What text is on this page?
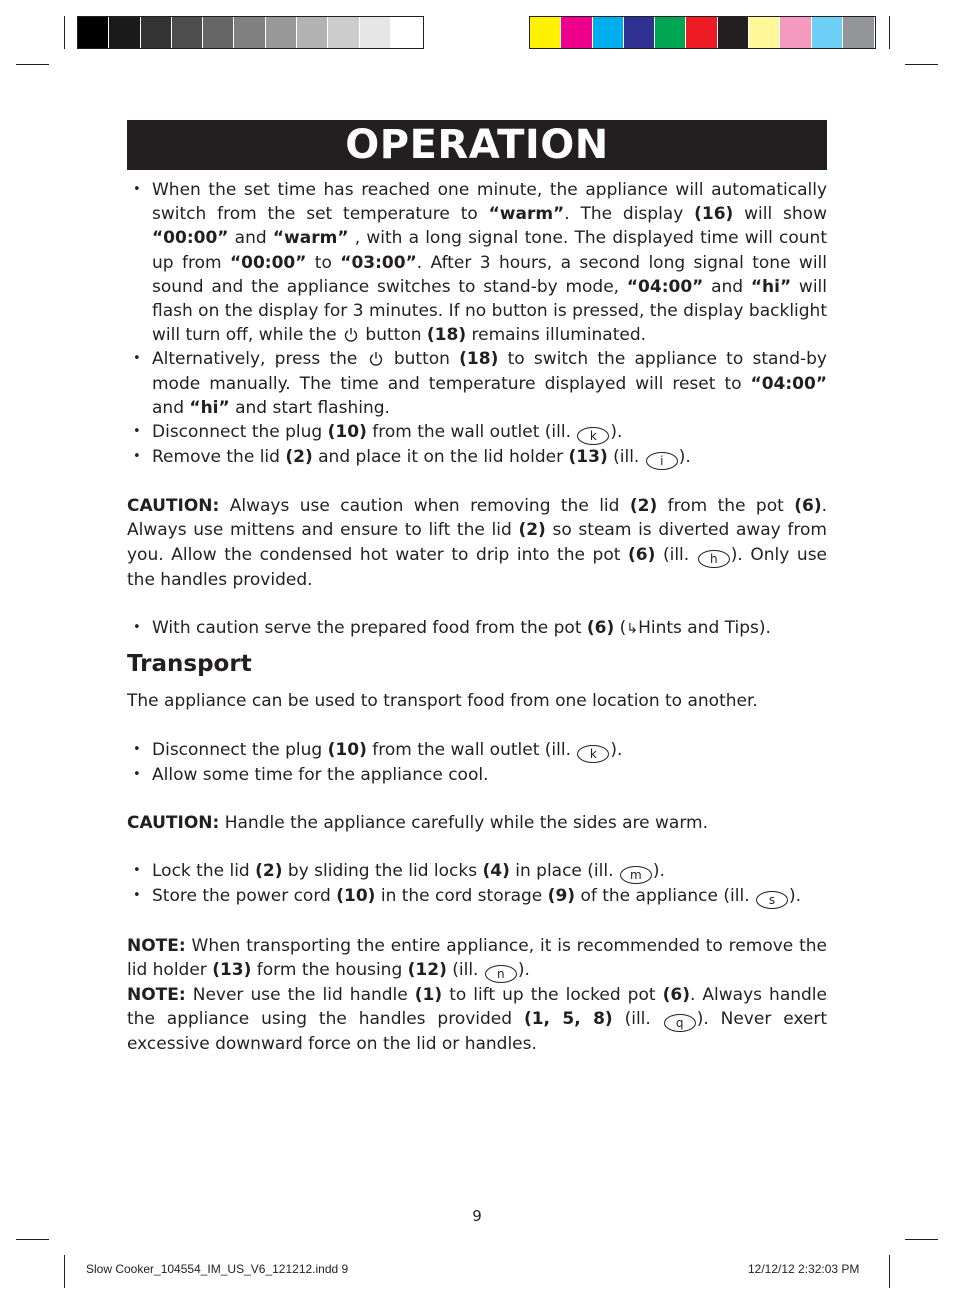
OPERATION
• When the set time has reached one minute, the appliance will automatically switch from the set temperature to “warm”. The display (16) will show “00:00” and “warm” , with a long signal tone. The displayed time will count up from “00:00” to “03:00”. After 3 hours, a second long signal tone will sound and the appliance switches to stand-by mode, “04:00” and “hi” will flash on the display for 3 minutes. If no button is pressed, the display backlight will turn off, while the  button (18) remains illuminated.
• Alternatively, press the  button (18) to switch the appliance to stand-by mode manually. The time and temperature displayed will reset to “04:00” and “hi” and start flashing.
• Disconnect the plug (10) from the wall outlet (ill. k ).
• Remove the lid (2) and place it on the lid holder (13) (ill. i ).

CAUTION: Always use caution when removing the lid (2) from the pot (6). Always use mittens and ensure to lift the lid (2) so steam is diverted away from you. Allow the condensed hot water to drip into the pot (6) (ill. h ). Only use the handles provided.

• With caution serve the prepared food from the pot (6) (↳Hints and Tips).

Transport

The appliance can be used to transport food from one location to another.

• Disconnect the plug (10) from the wall outlet (ill. k ).
• Allow some time for the appliance cool.

CAUTION: Handle the appliance carefully while the sides are warm.

• Lock the lid (2) by sliding the lid locks (4) in place (ill. m ).
• Store the power cord (10) in the cord storage (9) of the appliance (ill. s ).

NOTE: When transporting the entire appliance, it is recommended to remove the lid holder (13) form the housing (12) (ill. n ).

NOTE: Never use the lid handle (1) to lift up the locked pot (6). Always handle the appliance using the handles provided (1, 5, 8) (ill. q ). Never exert excessive downward force on the lid or handles.

9
Slow Cooker_104554_IM_US_V6_121212.indd 9	12/12/12 2:32:03 PM
